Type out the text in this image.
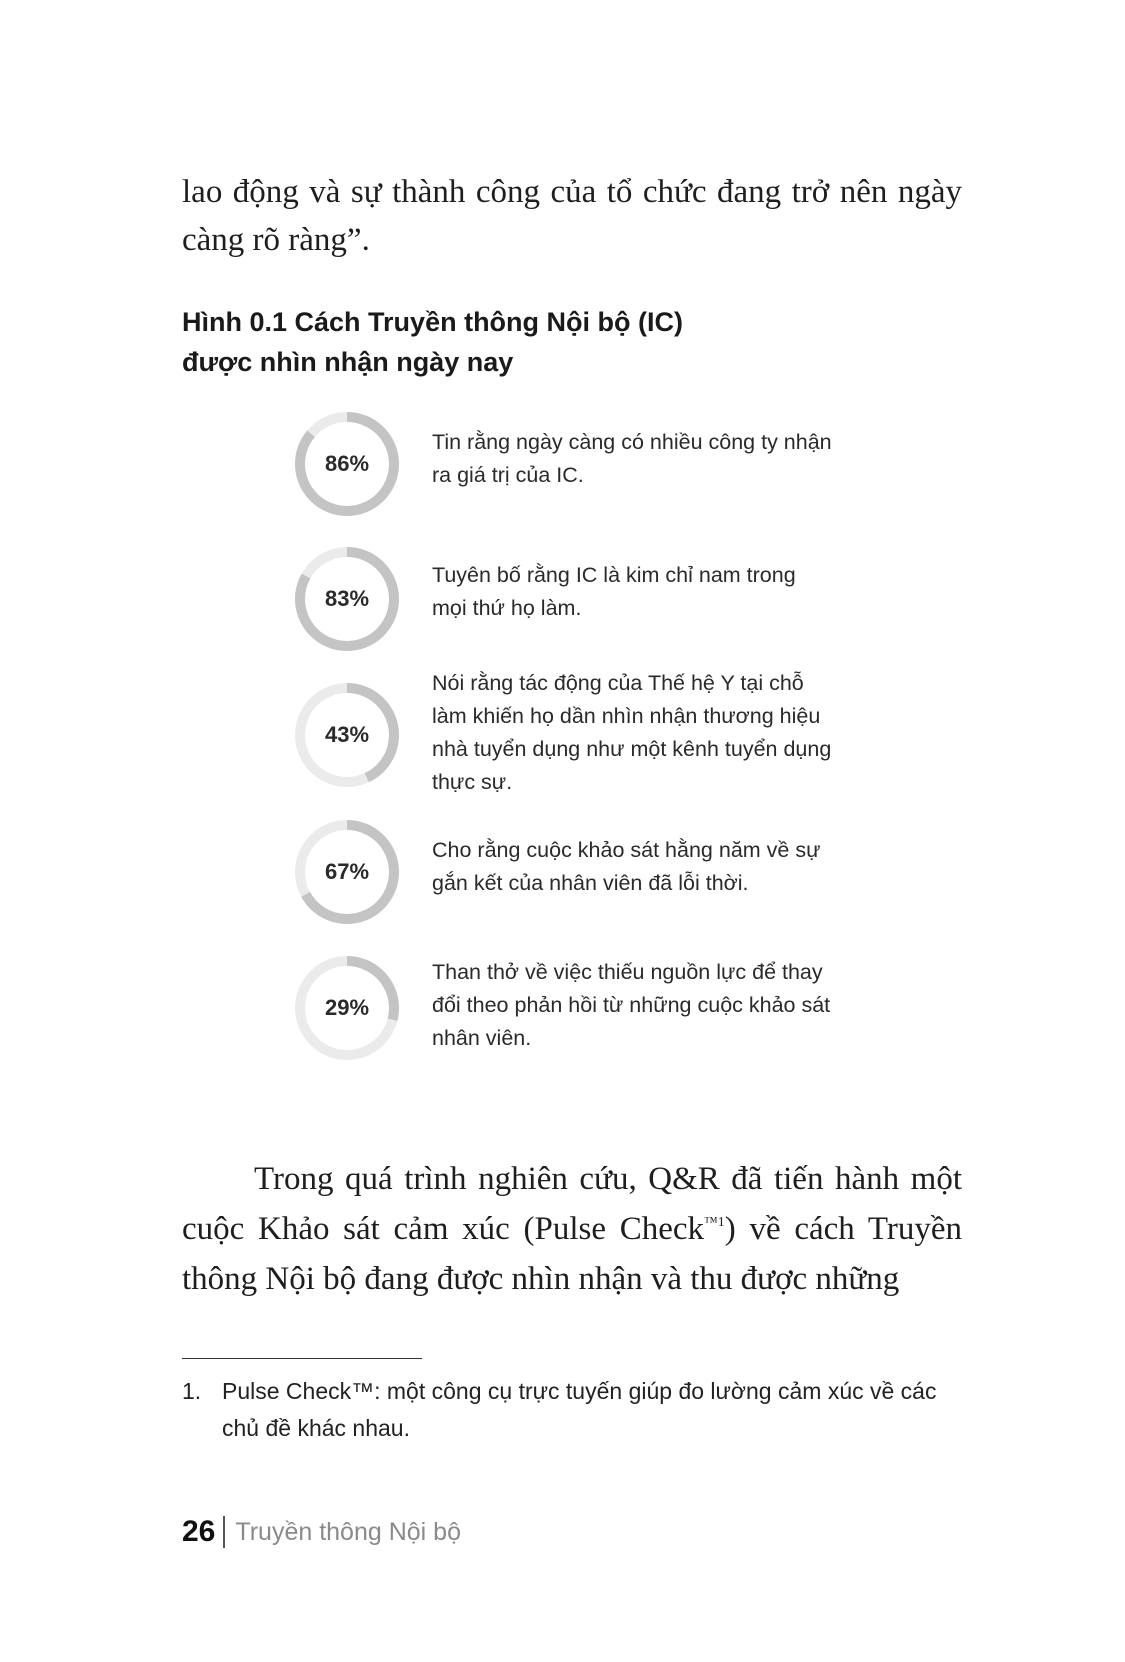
lao động và sự thành công của tổ chức đang trở nên ngày càng rõ ràng”.

Hình 0.1 Cách Truyền thông Nội bộ (IC)
được nhìn nhận ngày nay
86%

Tin rằng ngày càng có nhiều công ty nhận ra giá trị của IC.

83%

Tuyên bố rằng IC là kim chỉ nam trong mọi thứ họ làm.

43%

Nói rằng tác động của Thế hệ Y tại chỗ làm khiến họ dần nhìn nhận thương hiệu nhà tuyển dụng như một kênh tuyển dụng thực sự.

67%

Cho rằng cuộc khảo sát hằng năm về sự gắn kết của nhân viên đã lỗi thời.

29%

Than thở về việc thiếu nguồn lực để thay đổi theo phản hồi từ những cuộc khảo sát nhân viên.

Trong quá trình nghiên cứu, Q&R đã tiến hành một cuộc Khảo sát cảm xúc (Pulse Check$^{™1}$) về cách Truyền thông Nội bộ đang được nhìn nhận và thu được những

1. Pulse Check™: một công cụ trực tuyến giúp đo lường cảm xúc về các chủ đề khác nhau.

26 Truyền thông Nội bộ
